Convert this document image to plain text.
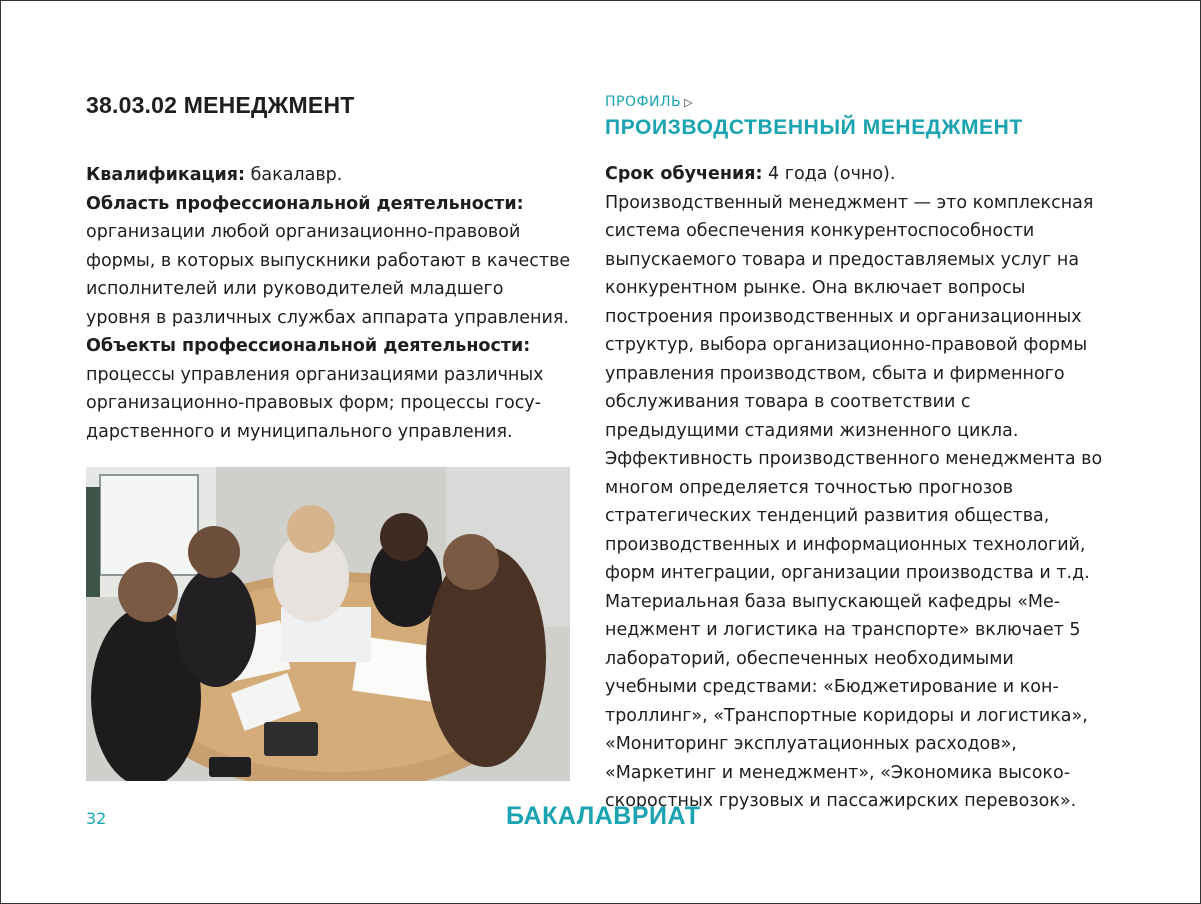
38.03.02 МЕНЕДЖМЕНТ
Квалификация: бакалавр.
Область профессиональной деятельности:
организации любой организационно-правовой формы, в которых выпускники работают в качестве исполнителей или руководителей младшего уровня в различных службах аппарата управления.
Объекты профессиональной деятельности:
процессы управления организациями различных организационно-правовых форм; процессы государственного и муниципального управления.
ПРОФИЛЬ ▷
ПРОИЗВОДСТВЕННЫЙ МЕНЕДЖМЕНТ
Срок обучения: 4 года (очно).
Производственный менеджмент — это комплексная система обеспечения конкурентоспособности выпускаемого товара и предоставляемых услуг на конкурентном рынке. Она включает вопросы построения производственных и организационных структур, выбора организационно-правовой формы управления производством, сбыта и фирменного обслуживания товара в соответствии с предыдущими стадиями жизненного цикла. Эффективность производственного менеджмента во многом определяется точностью прогнозов стратегических тенденций развития общества, производственных и информационных технологий, форм интеграции, организации производства и т.д. Материальная база выпускающей кафедры «Менеджмент и логистика на транспорте» включает 5 лабораторий, обеспеченных необходимыми учебными средствами: «Бюджетирование и контроллинг», «Транспортные коридоры и логистика», «Мониторинг эксплуатационных расходов», «Маркетинг и менеджмент», «Экономика высокоскоростных грузовых и пассажирских перевозок».
32	БАКАЛАВРИАТ
